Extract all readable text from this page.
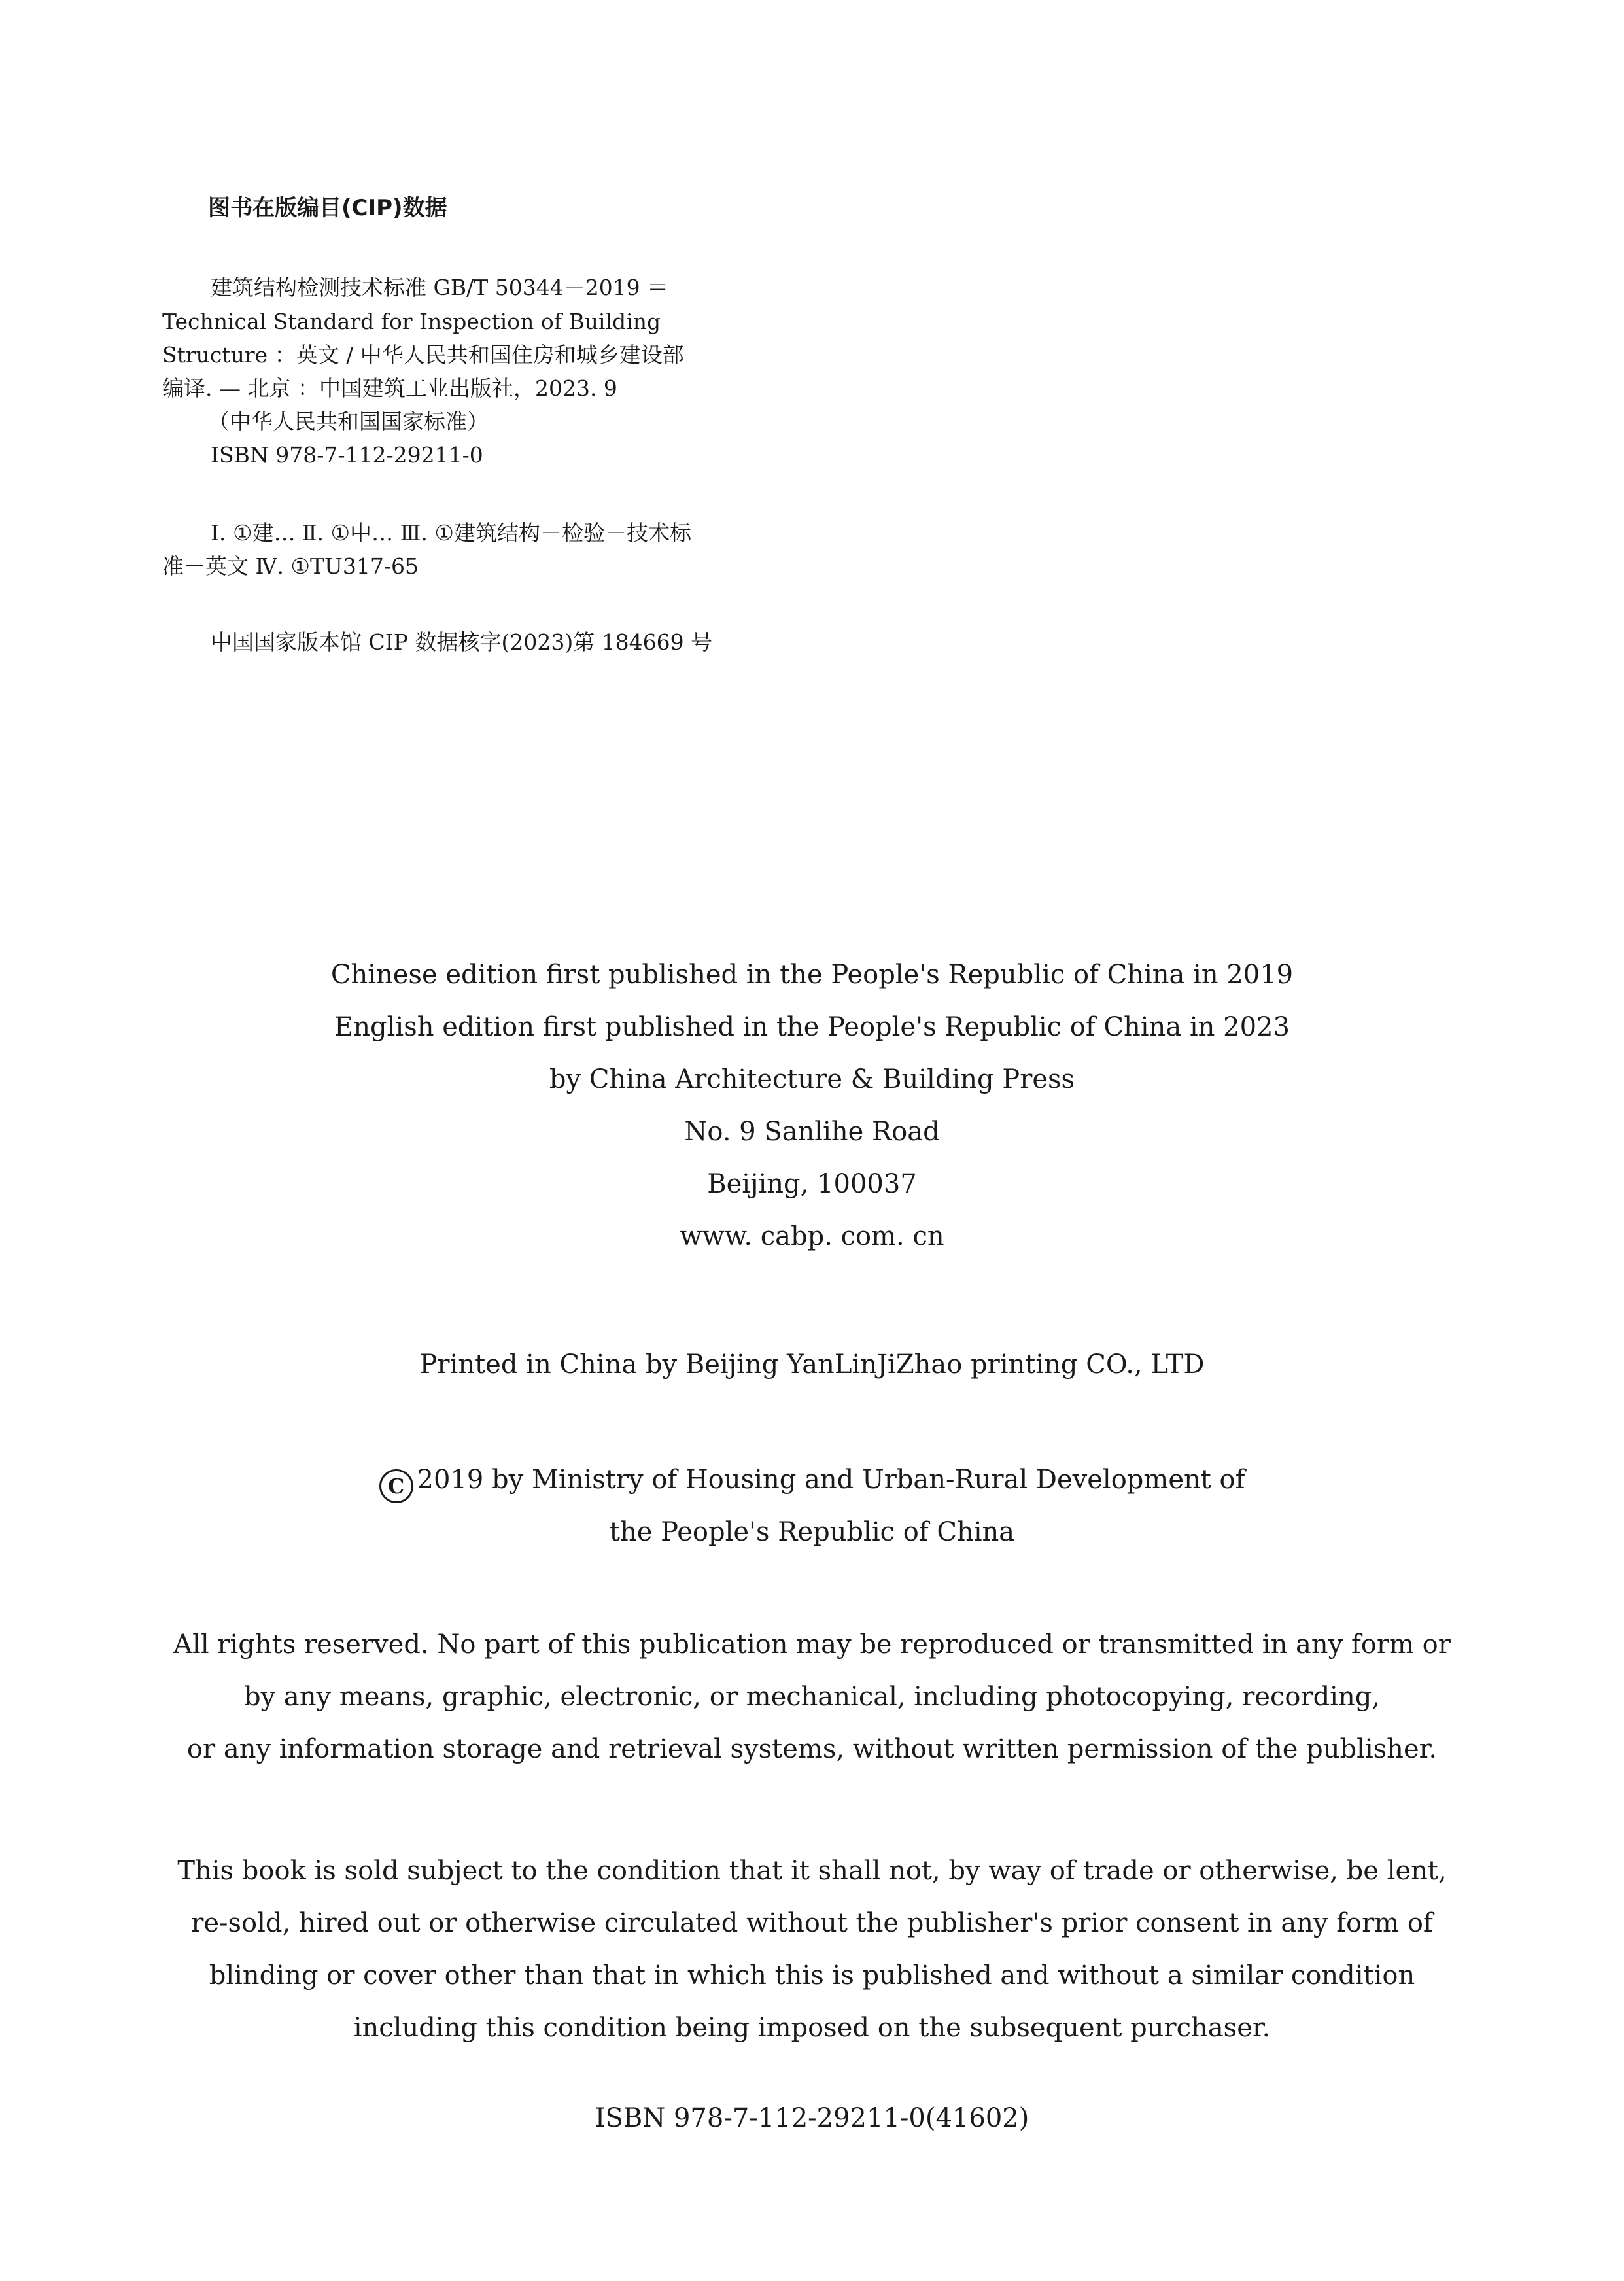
图书在版编目(CIP)数据
建筑结构检测技术标准 GB/T 50344－2019 ＝
Technical Standard for Inspection of Building
Structure ：英文 / 中华人民共和国住房和城乡建设部
编译. — 北京 ：中国建筑工业出版社，2023. 9
（中华人民共和国国家标准）
ISBN 978-7-112-29211-0
Ⅰ. ①建… Ⅱ. ①中… Ⅲ. ①建筑结构－检验－技术标
准－英文 Ⅳ. ①TU317-65
中国国家版本馆 CIP 数据核字(2023)第 184669 号
Chinese edition first published in the People's Republic of China in 2019
English edition first published in the People's Republic of China in 2023
by China Architecture & Building Press
No. 9 Sanlihe Road
Beijing, 100037
www. cabp. com. cn
Printed in China by Beijing YanLinJiZhao printing CO., LTD
C 2019 by Ministry of Housing and Urban-Rural Development of
the People's Republic of China
All rights reserved. No part of this publication may be reproduced or transmitted in any form or
by any means, graphic, electronic, or mechanical, including photocopying, recording,
or any information storage and retrieval systems, without written permission of the publisher.
This book is sold subject to the condition that it shall not, by way of trade or otherwise, be lent,
re-sold, hired out or otherwise circulated without the publisher's prior consent in any form of
blinding or cover other than that in which this is published and without a similar condition
including this condition being imposed on the subsequent purchaser.
ISBN 978-7-112-29211-0(41602)
